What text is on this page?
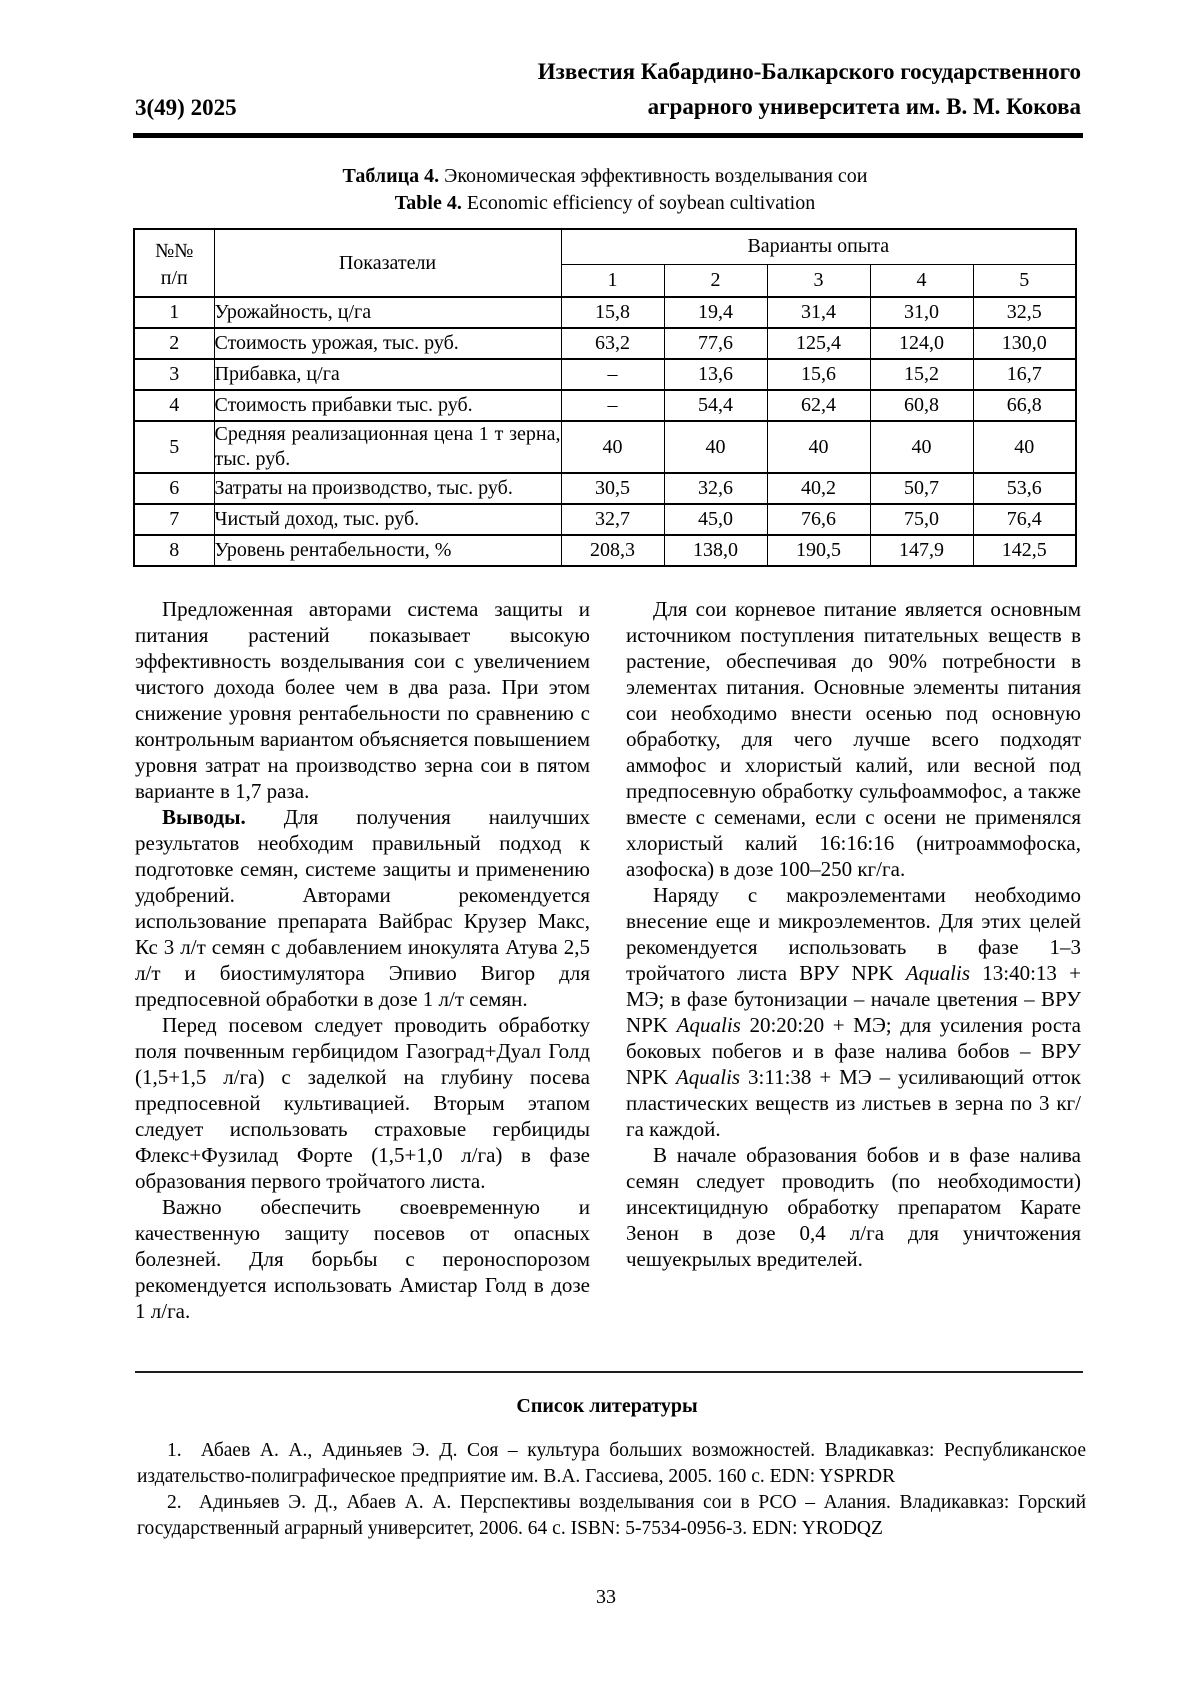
3(49) 2025
Известия Кабардино-Балкарского государственного
аграрного университета им. В. М. Кокова
Таблица 4. Экономическая эффективность возделывания сои
Table 4. Economic efficiency of soybean cultivation
№№
п/п	Показатели	Варианты опыта				
		1	2	3	4	5
1	Урожайность, ц/га	15,8	19,4	31,4	31,0	32,5
2	Стоимость урожая, тыс. руб.	63,2	77,6	125,4	124,0	130,0
3	Прибавка, ц/га	–	13,6	15,6	15,2	16,7
4	Стоимость прибавки тыс. руб.	–	54,4	62,4	60,8	66,8
5	Средняя реализационная цена 1 т зерна, тыс. руб.	40	40	40	40	40
6	Затраты на производство, тыс. руб.	30,5	32,6	40,2	50,7	53,6
7	Чистый доход, тыс. руб.	32,7	45,0	76,6	75,0	76,4
8	Уровень рентабельности, %	208,3	138,0	190,5	147,9	142,5

Предложенная авторами система защиты и питания растений показывает высокую эффективность возделывания сои с увеличением чистого дохода более чем в два раза. При этом снижение уровня рентабельности по сравнению с контрольным вариантом объясняется повышением уровня затрат на производство зерна сои в пятом варианте в 1,7 раза.

Выводы. Для получения наилучших результатов необходим правильный подход к подготовке семян, системе защиты и применению удобрений. Авторами рекомендуется использование препарата Вайбрас Крузер Макс, Кс 3 л/т семян с добавлением инокулята Атува 2,5 л/т и биостимулятора Эпивио Вигор для предпосевной обработки в дозе 1 л/т семян.

Перед посевом следует проводить обработку поля почвенным гербицидом Газоград+Дуал Голд (1,5+1,5 л/га) с заделкой на глубину посева предпосевной культивацией. Вторым этапом следует использовать страховые гербициды Флекс+Фузилад Форте (1,5+1,0 л/га) в фазе образования первого тройчатого листа.

Важно обеспечить своевременную и качественную защиту посевов от опасных болезней. Для борьбы с пероноспорозом рекомендуется использовать Амистар Голд в дозе 1 л/га.

Для сои корневое питание является основным источником поступления питательных веществ в растение, обеспечивая до 90% потребности в элементах питания. Основные элементы питания сои необходимо внести осенью под основную обработку, для чего лучше всего подходят аммофос и хлористый калий, или весной под предпосевную обработку сульфоаммофос, а также вместе с семенами, если с осени не применялся хлористый калий 16:16:16 (нитроаммофоска, азофоска) в дозе 100–250 кг/га.

Наряду с макроэлементами необходимо внесение еще и микроэлементов. Для этих целей рекомендуется использовать в фазе 1–3 тройчатого листа ВРУ NPK Aqualis 13:40:13 + МЭ; в фазе бутонизации – начале цветения – ВРУ NPK Aqualis 20:20:20 + МЭ; для усиления роста боковых побегов и в фазе налива бобов – ВРУ NPK Aqualis 3:11:38 + МЭ – усиливающий отток пластических веществ из листьев в зерна по 3 кг/га каждой.

В начале образования бобов и в фазе налива семян следует проводить (по необходимости) инсектицидную обработку препаратом Карате Зенон в дозе 0,4 л/га для уничтожения чешуекрылых вредителей.

Список литературы

1.  Абаев А. А., Адиньяев Э. Д. Соя – культура больших возможностей. Владикавказ: Республиканское издательство-полиграфическое предприятие им. В.А. Гассиева, 2005. 160 с. EDN: YSPRDR

2.  Адиньяев Э. Д., Абаев А. А. Перспективы возделывания сои в РСО – Алания. Владикавказ: Горский государственный аграрный университет, 2006. 64 с. ISBN: 5-7534-0956-3. EDN: YRODQZ

33
